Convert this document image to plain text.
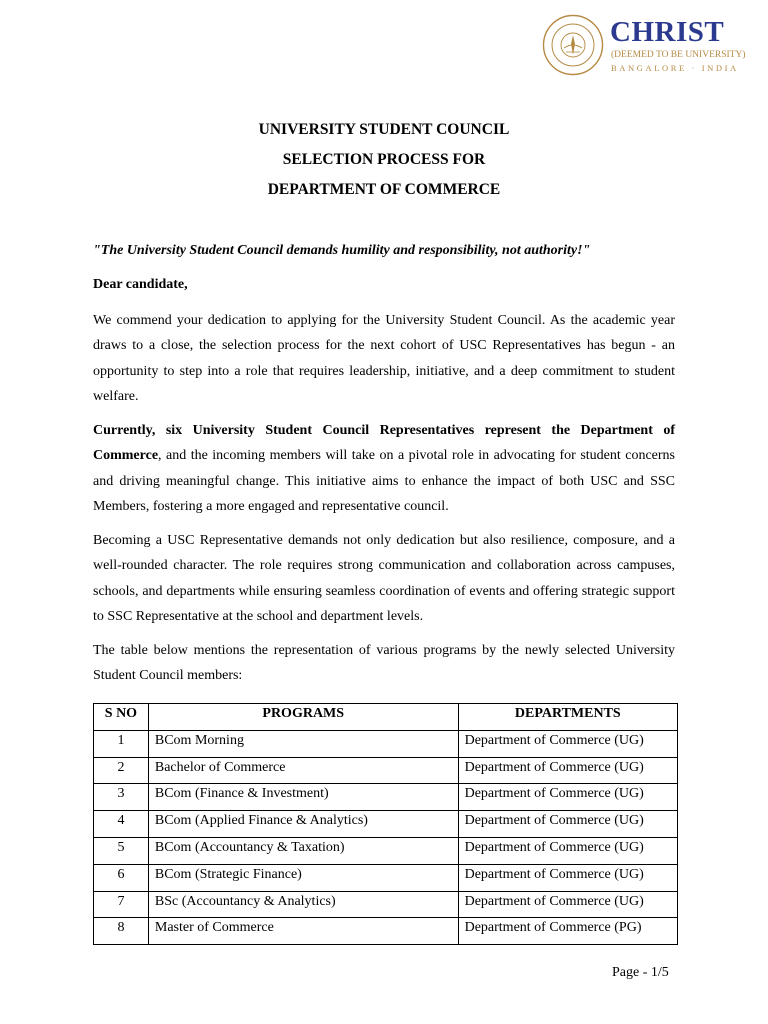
CHRIST
(DEEMED TO BE UNIVERSITY)
BANGALORE · INDIA
UNIVERSITY STUDENT COUNCIL
SELECTION PROCESS FOR
DEPARTMENT OF COMMERCE
"The University Student Council demands humility and responsibility, not authority!"
Dear candidate,
We commend your dedication to applying for the University Student Council. As the academic year draws to a close, the selection process for the next cohort of USC Representatives has begun - an opportunity to step into a role that requires leadership, initiative, and a deep commitment to student welfare.
Currently, six University Student Council Representatives represent the Department of Commerce, and the incoming members will take on a pivotal role in advocating for student concerns and driving meaningful change. This initiative aims to enhance the impact of both USC and SSC Members, fostering a more engaged and representative council.
Becoming a USC Representative demands not only dedication but also resilience, composure, and a well-rounded character. The role requires strong communication and collaboration across campuses, schools, and departments while ensuring seamless coordination of events and offering strategic support to SSC Representative at the school and department levels.
The table below mentions the representation of various programs by the newly selected University Student Council members:
S NO	PROGRAMS	DEPARTMENTS
1	BCom Morning	Department of Commerce (UG)
2	Bachelor of Commerce	Department of Commerce (UG)
3	BCom (Finance & Investment)	Department of Commerce (UG)
4	BCom (Applied Finance & Analytics)	Department of Commerce (UG)
5	BCom (Accountancy & Taxation)	Department of Commerce (UG)
6	BCom (Strategic Finance)	Department of Commerce (UG)
7	BSc (Accountancy & Analytics)	Department of Commerce (UG)
8	Master of Commerce	Department of Commerce (PG)
Page - 1/5
